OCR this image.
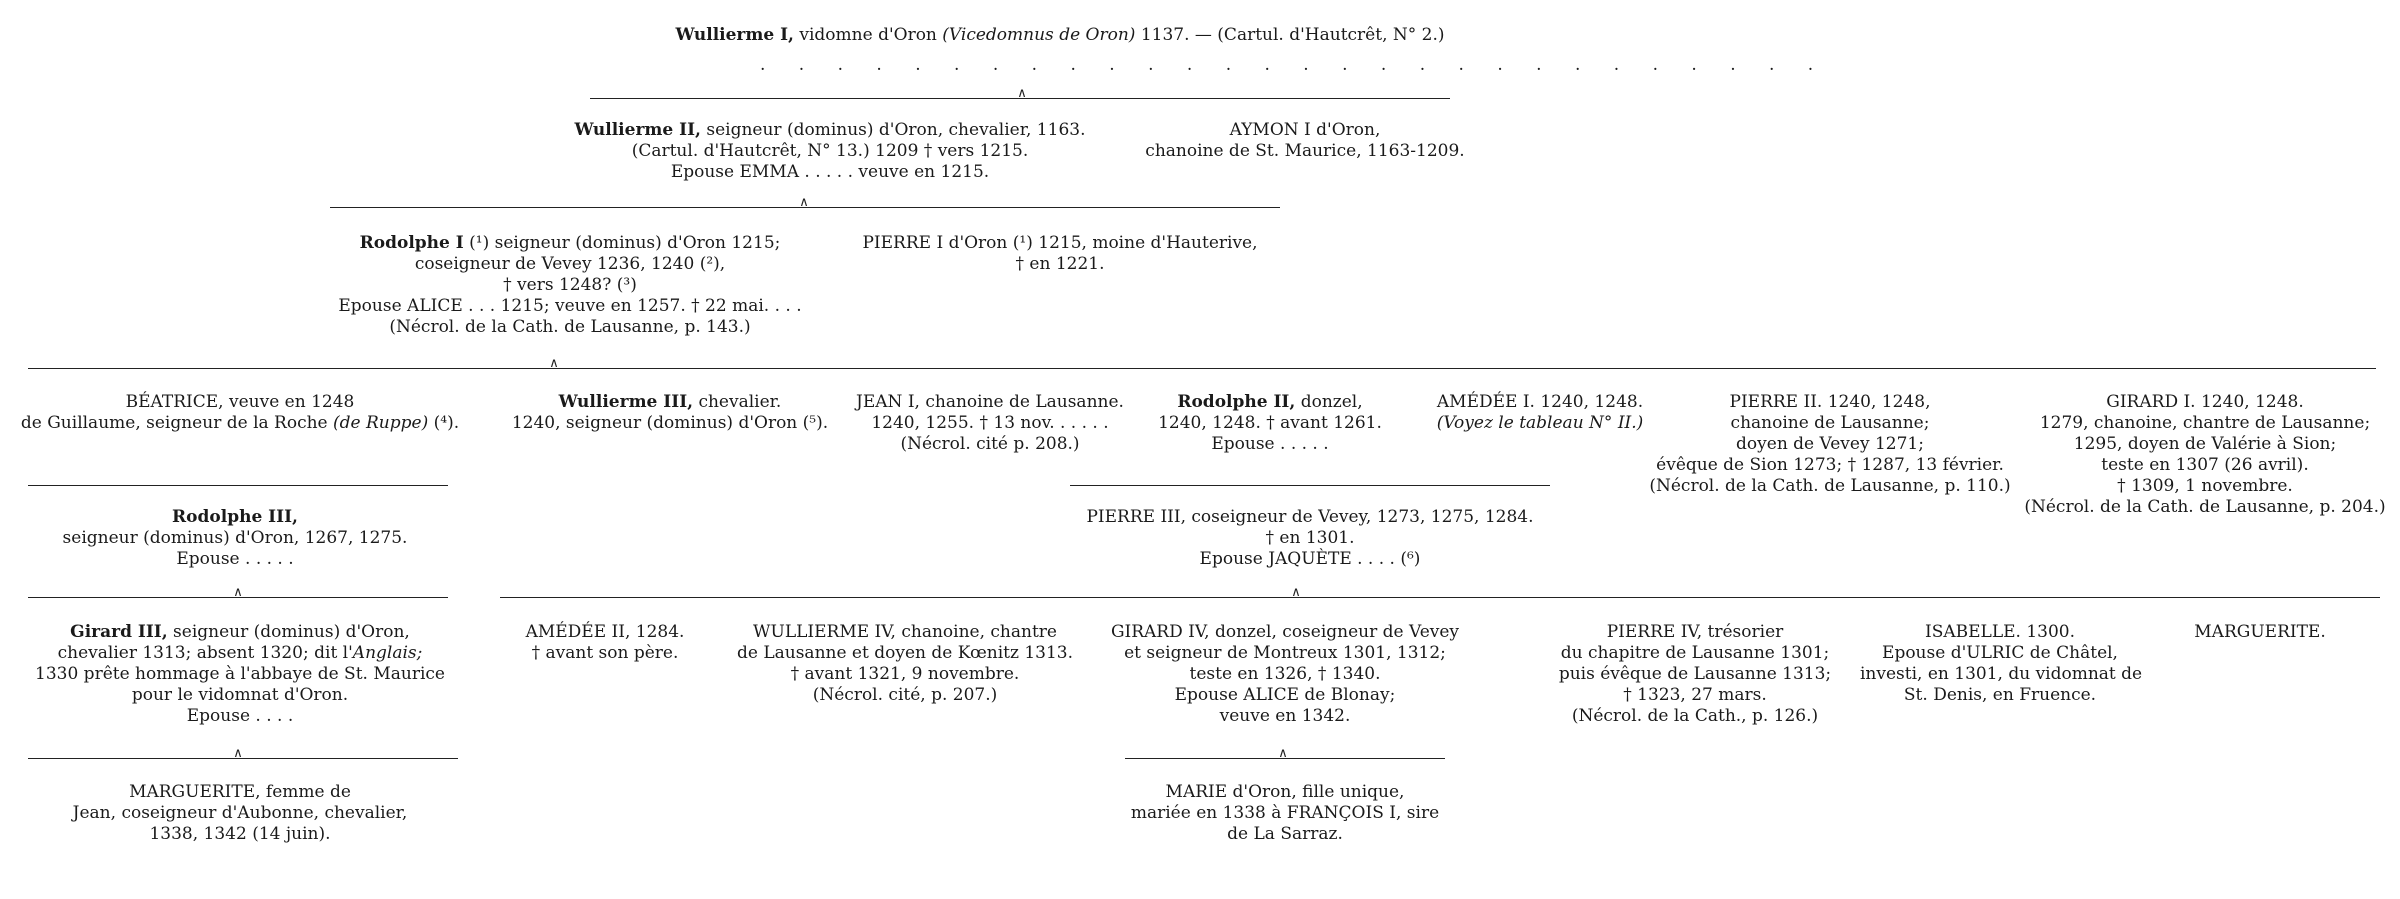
Wullierme I, vidomne d'Oron (Vicedomnus de Oron) 1137. — (Cartul. d'Hautcrêt, N° 2.)
. . . . . . . . . . . . . . . . . . . . . . . . . . . .
∧
Wullierme II, seigneur (dominus) d'Oron, chevalier, 1163.
(Cartul. d'Hautcrêt, N° 13.) 1209 † vers 1215.
Epouse EMMA . . . . . veuve en 1215.
AYMON I d'Oron,
chanoine de St. Maurice, 1163-1209.
∧
Rodolphe I (¹) seigneur (dominus) d'Oron 1215;
coseigneur de Vevey 1236, 1240 (²),
† vers 1248? (³)
Epouse ALICE . . . 1215; veuve en 1257. † 22 mai. . . .
(Nécrol. de la Cath. de Lausanne, p. 143.)
PIERRE I d'Oron (¹) 1215, moine d'Hauterive,
† en 1221.
∧
BÉATRICE, veuve en 1248
de Guillaume, seigneur de la Roche (de Ruppe) (⁴).
Wullierme III, chevalier.
1240, seigneur (dominus) d'Oron (⁵).
JEAN I, chanoine de Lausanne.
1240, 1255. † 13 nov. . . . . .
(Nécrol. cité p. 208.)
Rodolphe II, donzel,
1240, 1248. † avant 1261.
Epouse . . . . .
AMÉDÉE I. 1240, 1248.
(Voyez le tableau N° II.)
PIERRE II. 1240, 1248,
chanoine de Lausanne;
doyen de Vevey 1271;
évêque de Sion 1273; † 1287, 13 février.
(Nécrol. de la Cath. de Lausanne, p. 110.)
GIRARD I. 1240, 1248.
1279, chanoine, chantre de Lausanne;
1295, doyen de Valérie à Sion;
teste en 1307 (26 avril).
† 1309, 1 novembre.
(Nécrol. de la Cath. de Lausanne, p. 204.)
Rodolphe III,
seigneur (dominus) d'Oron, 1267, 1275.
Epouse . . . . .
PIERRE III, coseigneur de Vevey, 1273, 1275, 1284.
† en 1301.
Epouse JAQUÈTE . . . . (⁶)
∧	∧
Girard III, seigneur (dominus) d'Oron,
chevalier 1313; absent 1320; dit l'Anglais;
1330 prête hommage à l'abbaye de St. Maurice
pour le vidomnat d'Oron.
Epouse . . . .
AMÉDÉE II, 1284.
† avant son père.
WULLIERME IV, chanoine, chantre
de Lausanne et doyen de Kœnitz 1313.
† avant 1321, 9 novembre.
(Nécrol. cité, p. 207.)
GIRARD IV, donzel, coseigneur de Vevey
et seigneur de Montreux 1301, 1312;
teste en 1326, † 1340.
Epouse ALICE de Blonay;
veuve en 1342.
PIERRE IV, trésorier
du chapitre de Lausanne 1301;
puis évêque de Lausanne 1313;
† 1323, 27 mars.
(Nécrol. de la Cath., p. 126.)
ISABELLE. 1300.
Epouse d'ULRIC de Châtel,
investi, en 1301, du vidomnat de
St. Denis, en Fruence.
MARGUERITE.
∧	∧
MARGUERITE, femme de
Jean, coseigneur d'Aubonne, chevalier,
1338, 1342 (14 juin).
MARIE d'Oron, fille unique,
mariée en 1338 à FRANÇOIS I, sire
de La Sarraz.
